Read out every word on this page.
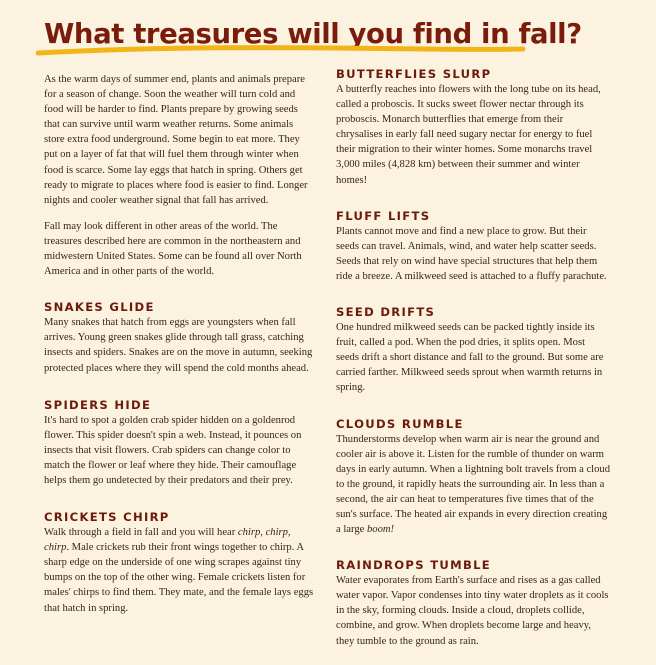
What treasures will you find in fall?

As the warm days of summer end, plants and animals prepare for a season of change. Soon the weather will turn cold and food will be harder to find. Plants prepare by growing seeds that can survive until warm weather returns. Some animals store extra food underground. Some begin to eat more. They put on a layer of fat that will fuel them through winter when food is scarce. Some lay eggs that hatch in spring. Others get ready to migrate to places where food is easier to find. Longer nights and cooler weather signal that fall has arrived.

Fall may look different in other areas of the world. The treasures described here are common in the northeastern and midwestern United States. Some can be found all over North America and in other parts of the world.

SNAKES GLIDE

Many snakes that hatch from eggs are youngsters when fall arrives. Young green snakes glide through tall grass, catching insects and spiders. Snakes are on the move in autumn, seeking protected places where they will spend the cold months ahead.

SPIDERS HIDE

It's hard to spot a golden crab spider hidden on a goldenrod flower. This spider doesn't spin a web. Instead, it pounces on insects that visit flowers. Crab spiders can change color to match the flower or leaf where they hide. Their camouflage helps them go undetected by their predators and their prey.

CRICKETS CHIRP

Walk through a field in fall and you will hear chirp, chirp, chirp. Male crickets rub their front wings together to chirp. A sharp edge on the underside of one wing scrapes against tiny bumps on the top of the other wing. Female crickets listen for males' chirps to find them. They mate, and the female lays eggs that hatch in spring.

BUTTERFLIES SLURP

A butterfly reaches into flowers with the long tube on its head, called a proboscis. It sucks sweet flower nectar through its proboscis. Monarch butterflies that emerge from their chrysalises in early fall need sugary nectar for energy to fuel their migration to their winter homes. Some monarchs travel 3,000 miles (4,828 km) between their summer and winter homes!

FLUFF LIFTS

Plants cannot move and find a new place to grow. But their seeds can travel. Animals, wind, and water help scatter seeds. Seeds that rely on wind have special structures that help them ride a breeze. A milkweed seed is attached to a fluffy parachute.

SEED DRIFTS

One hundred milkweed seeds can be packed tightly inside its fruit, called a pod. When the pod dries, it splits open. Most seeds drift a short distance and fall to the ground. But some are carried farther. Milkweed seeds sprout when warmth returns in spring.

CLOUDS RUMBLE

Thunderstorms develop when warm air is near the ground and cooler air is above it. Listen for the rumble of thunder on warm days in early autumn. When a lightning bolt travels from a cloud to the ground, it rapidly heats the surrounding air. In less than a second, the air can heat to temperatures five times that of the sun's surface. The heated air expands in every direction creating a large boom!

RAINDROPS TUMBLE

Water evaporates from Earth's surface and rises as a gas called water vapor. Vapor condenses into tiny water droplets as it cools in the sky, forming clouds. Inside a cloud, droplets collide, combine, and grow. When droplets become large and heavy, they tumble to the ground as rain.
